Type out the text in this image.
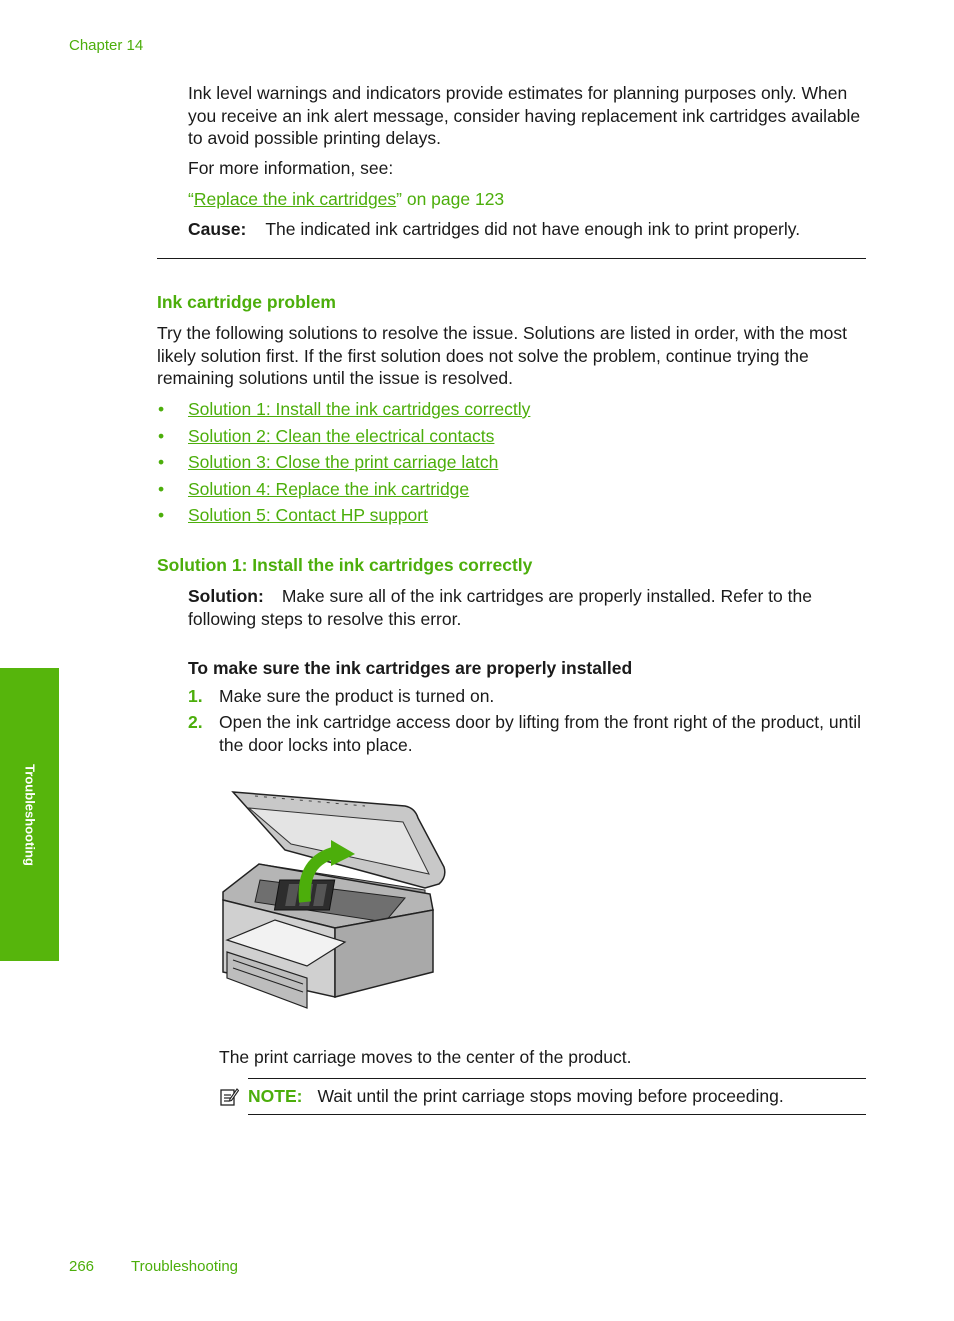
Chapter 14

Ink level warnings and indicators provide estimates for planning purposes only. When you receive an ink alert message, consider having replacement ink cartridges available to avoid possible printing delays.

For more information, see:

“Replace the ink cartridges” on page 123

Cause: The indicated ink cartridges did not have enough ink to print properly.

Ink cartridge problem

Try the following solutions to resolve the issue. Solutions are listed in order, with the most likely solution first. If the first solution does not solve the problem, continue trying the remaining solutions until the issue is resolved.

• Solution 1: Install the ink cartridges correctly
• Solution 2: Clean the electrical contacts
• Solution 3: Close the print carriage latch
• Solution 4: Replace the ink cartridge
• Solution 5: Contact HP support
Solution 1: Install the ink cartridges correctly

Solution: Make sure all of the ink cartridges are properly installed. Refer to the following steps to resolve this error.

To make sure the ink cartridges are properly installed
1. Make sure the product is turned on.
2. Open the ink cartridge access door by lifting from the front right of the product, until the door locks into place.

The print carriage moves to the center of the product.

NOTE: Wait until the print carriage stops moving before proceeding.

Troubleshooting
266 Troubleshooting
